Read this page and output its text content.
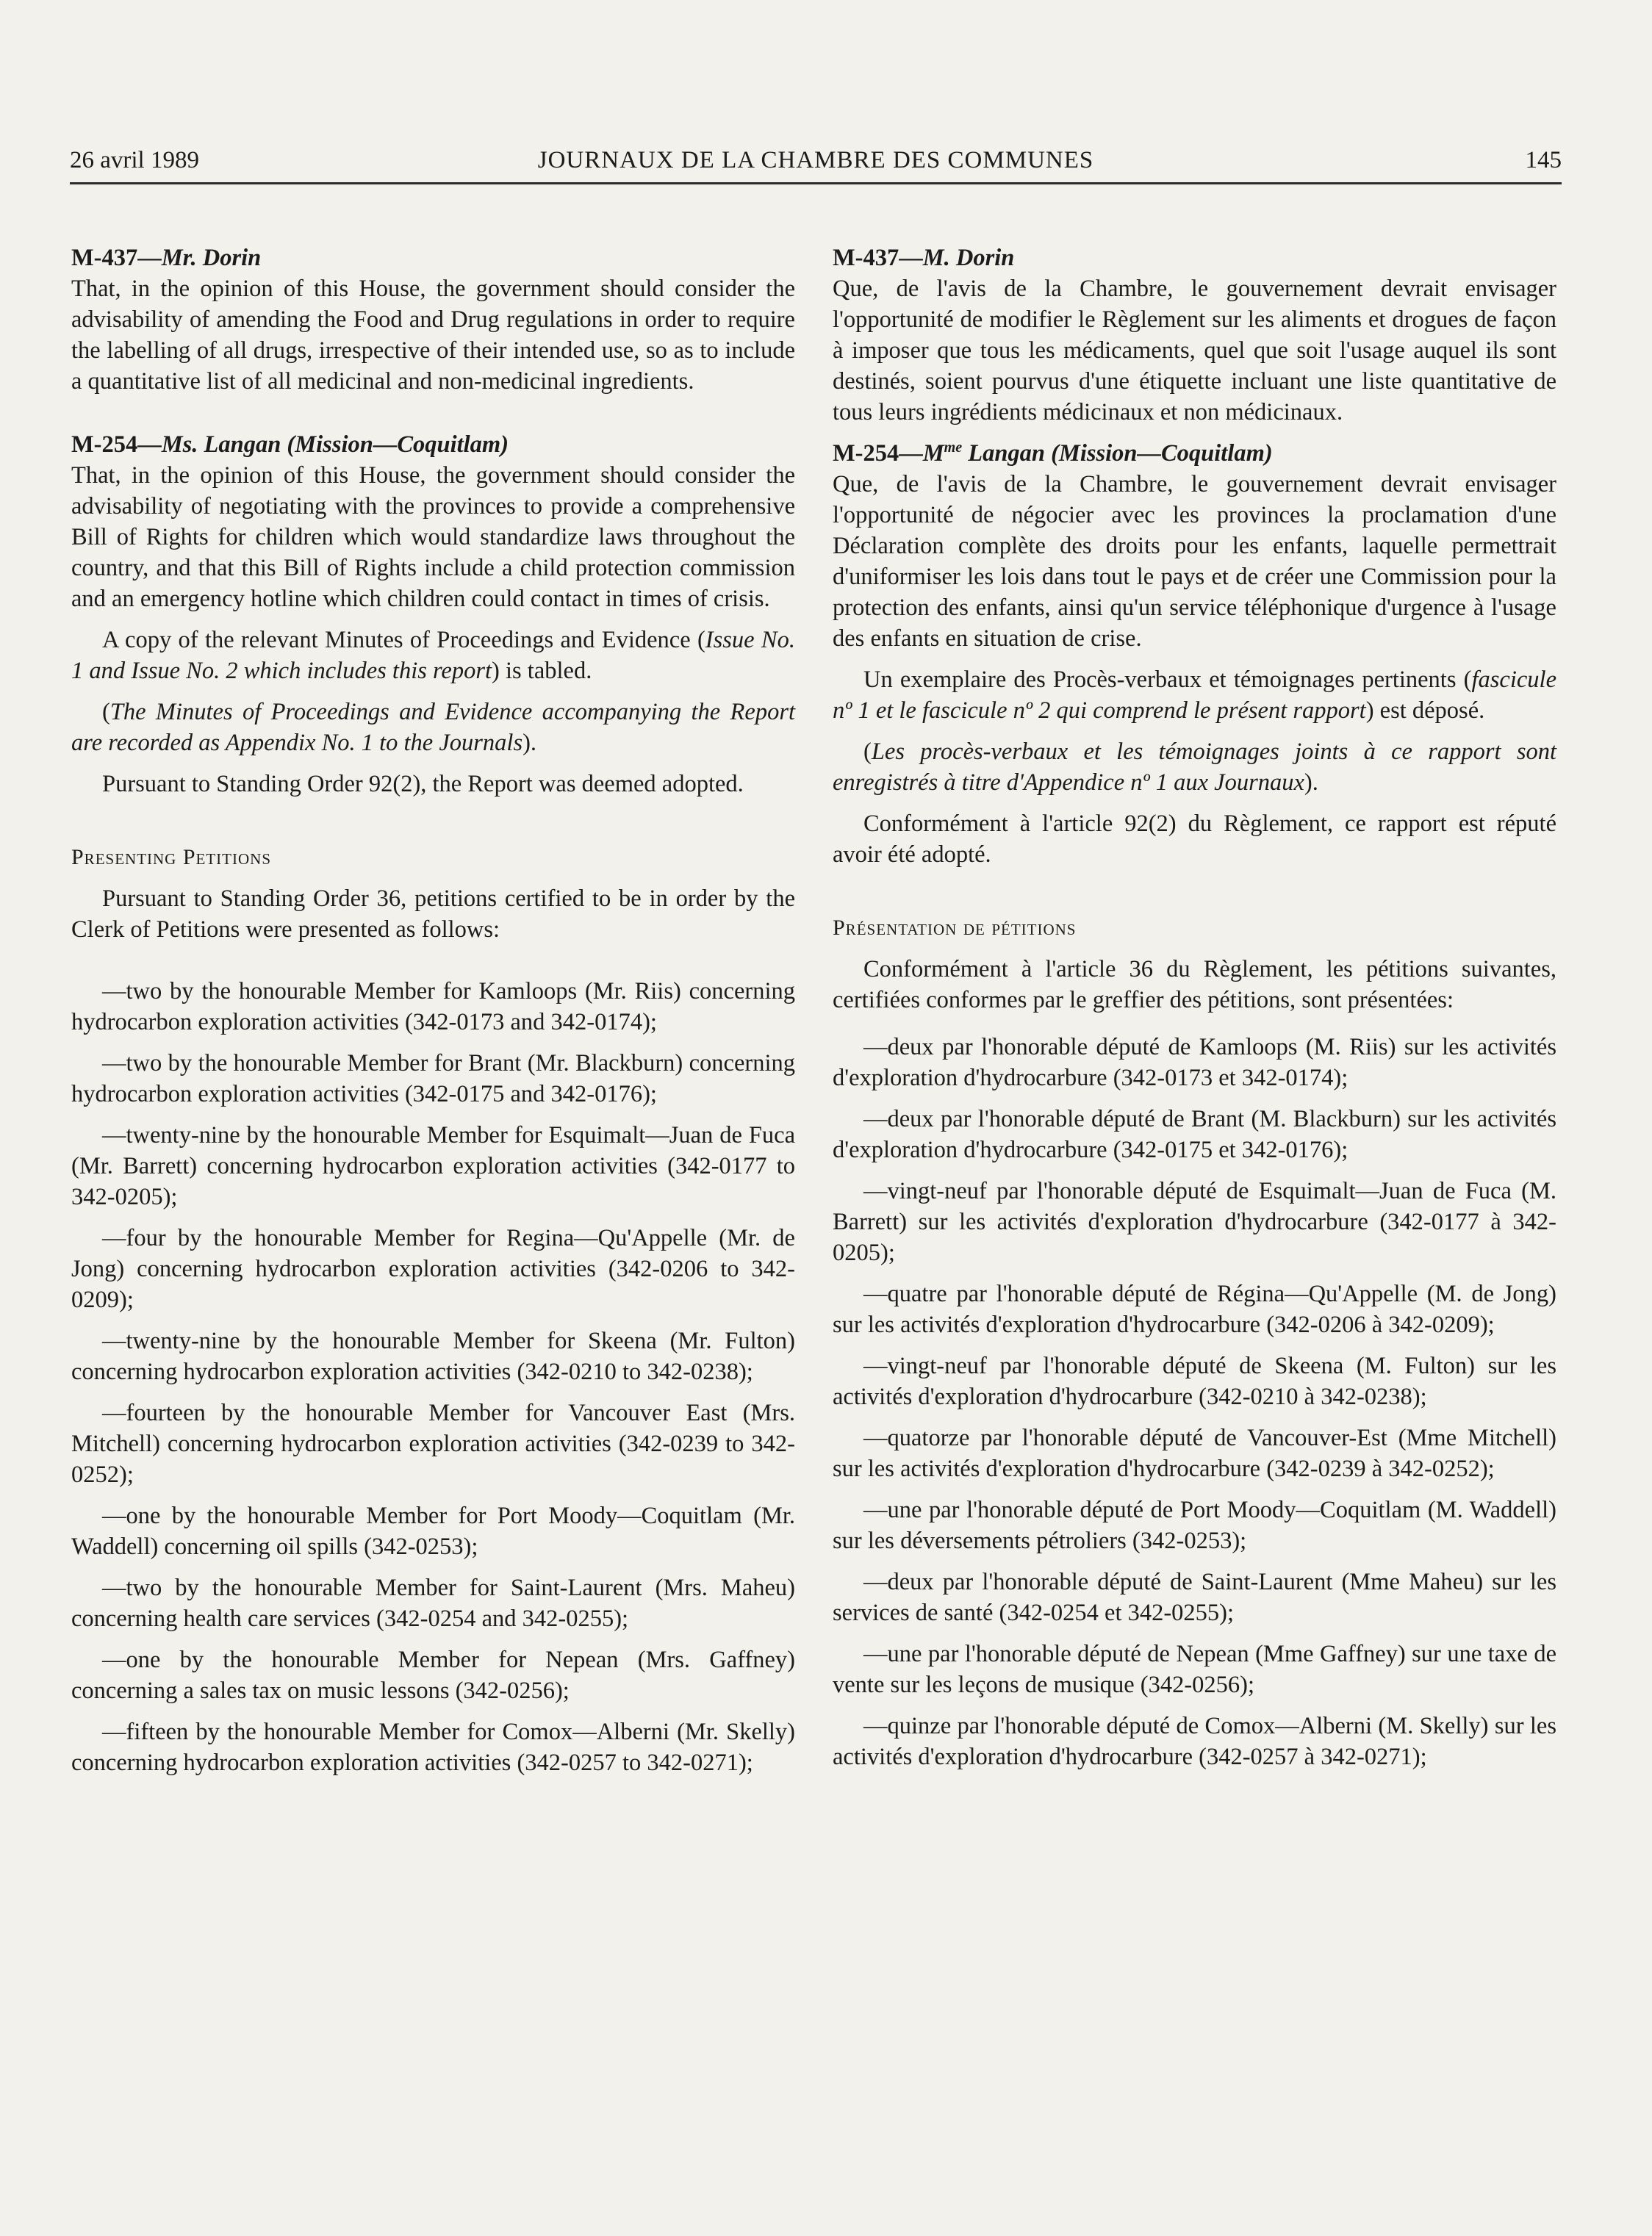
26 avril 1989	JOURNAUX DE LA CHAMBRE DES COMMUNES	145

M-437—Mr. Dorin

That, in the opinion of this House, the government should consider the advisability of amending the Food and Drug regulations in order to require the labelling of all drugs, irrespective of their intended use, so as to include a quantitative list of all medicinal and non-medicinal ingredients.

M-254—Ms. Langan (Mission—Coquitlam)

That, in the opinion of this House, the government should consider the advisability of negotiating with the provinces to provide a comprehensive Bill of Rights for children which would standardize laws throughout the country, and that this Bill of Rights include a child protection commission and an emergency hotline which children could contact in times of crisis.

A copy of the relevant Minutes of Proceedings and Evidence (Issue No. 1 and Issue No. 2 which includes this report) is tabled.

(The Minutes of Proceedings and Evidence accompanying the Report are recorded as Appendix No. 1 to the Journals).

Pursuant to Standing Order 92(2), the Report was deemed adopted.

Presenting Petitions

Pursuant to Standing Order 36, petitions certified to be in order by the Clerk of Petitions were presented as follows:

—two by the honourable Member for Kamloops (Mr. Riis) concerning hydrocarbon exploration activities (342-0173 and 342-0174);

—two by the honourable Member for Brant (Mr. Blackburn) concerning hydrocarbon exploration activities (342-0175 and 342-0176);

—twenty-nine by the honourable Member for Esquimalt—Juan de Fuca (Mr. Barrett) concerning hydrocarbon exploration activities (342-0177 to 342-0205);

—four by the honourable Member for Regina—Qu'Appelle (Mr. de Jong) concerning hydrocarbon exploration activities (342-0206 to 342-0209);

—twenty-nine by the honourable Member for Skeena (Mr. Fulton) concerning hydrocarbon exploration activities (342-0210 to 342-0238);

—fourteen by the honourable Member for Vancouver East (Mrs. Mitchell) concerning hydrocarbon exploration activities (342-0239 to 342-0252);

—one by the honourable Member for Port Moody—Coquitlam (Mr. Waddell) concerning oil spills (342-0253);

—two by the honourable Member for Saint-Laurent (Mrs. Maheu) concerning health care services (342-0254 and 342-0255);

—one by the honourable Member for Nepean (Mrs. Gaffney) concerning a sales tax on music lessons (342-0256);

—fifteen by the honourable Member for Comox—Alberni (Mr. Skelly) concerning hydrocarbon exploration activities (342-0257 to 342-0271);

M-437—M. Dorin

Que, de l'avis de la Chambre, le gouvernement devrait envisager l'opportunité de modifier le Règlement sur les aliments et drogues de façon à imposer que tous les médicaments, quel que soit l'usage auquel ils sont destinés, soient pourvus d'une étiquette incluant une liste quantitative de tous leurs ingrédients médicinaux et non médicinaux.

$M-254—M^{me}$ Langan (Mission—Coquitlam)

Que, de l'avis de la Chambre, le gouvernement devrait envisager l'opportunité de négocier avec les provinces la proclamation d'une Déclaration complète des droits pour les enfants, laquelle permettrait d'uniformiser les lois dans tout le pays et de créer une Commission pour la protection des enfants, ainsi qu'un service téléphonique d'urgence à l'usage des enfants en situation de crise.

Un exemplaire des Procès-verbaux et témoignages pertinents (fascicule nº 1 et le fascicule nº 2 qui comprend le présent rapport) est déposé.

(Les procès-verbaux et les témoignages joints à ce rapport sont enregistrés à titre d'Appendice nº 1 aux Journaux).

Conformément à l'article 92(2) du Règlement, ce rapport est réputé avoir été adopté.

Présentation de pétitions

Conformément à l'article 36 du Règlement, les pétitions suivantes, certifiées conformes par le greffier des pétitions, sont présentées:

—deux par l'honorable député de Kamloops (M. Riis) sur les activités d'exploration d'hydrocarbure (342-0173 et 342-0174);

—deux par l'honorable député de Brant (M. Blackburn) sur les activités d'exploration d'hydrocarbure (342-0175 et 342-0176);

—vingt-neuf par l'honorable député de Esquimalt—Juan de Fuca (M. Barrett) sur les activités d'exploration d'hydrocarbure (342-0177 à 342-0205);

—quatre par l'honorable député de Régina—Qu'Appelle (M. de Jong) sur les activités d'exploration d'hydrocarbure (342-0206 à 342-0209);

—vingt-neuf par l'honorable député de Skeena (M. Fulton) sur les activités d'exploration d'hydrocarbure (342-0210 à 342-0238);

—quatorze par l'honorable député de Vancouver-Est (Mme Mitchell) sur les activités d'exploration d'hydrocarbure (342-0239 à 342-0252);

—une par l'honorable député de Port Moody—Coquitlam (M. Waddell) sur les déversements pétroliers (342-0253);

—deux par l'honorable député de Saint-Laurent (Mme Maheu) sur les services de santé (342-0254 et 342-0255);

—une par l'honorable député de Nepean (Mme Gaffney) sur une taxe de vente sur les leçons de musique (342-0256);

—quinze par l'honorable député de Comox—Alberni (M. Skelly) sur les activités d'exploration d'hydrocarbure (342-0257 à 342-0271);
